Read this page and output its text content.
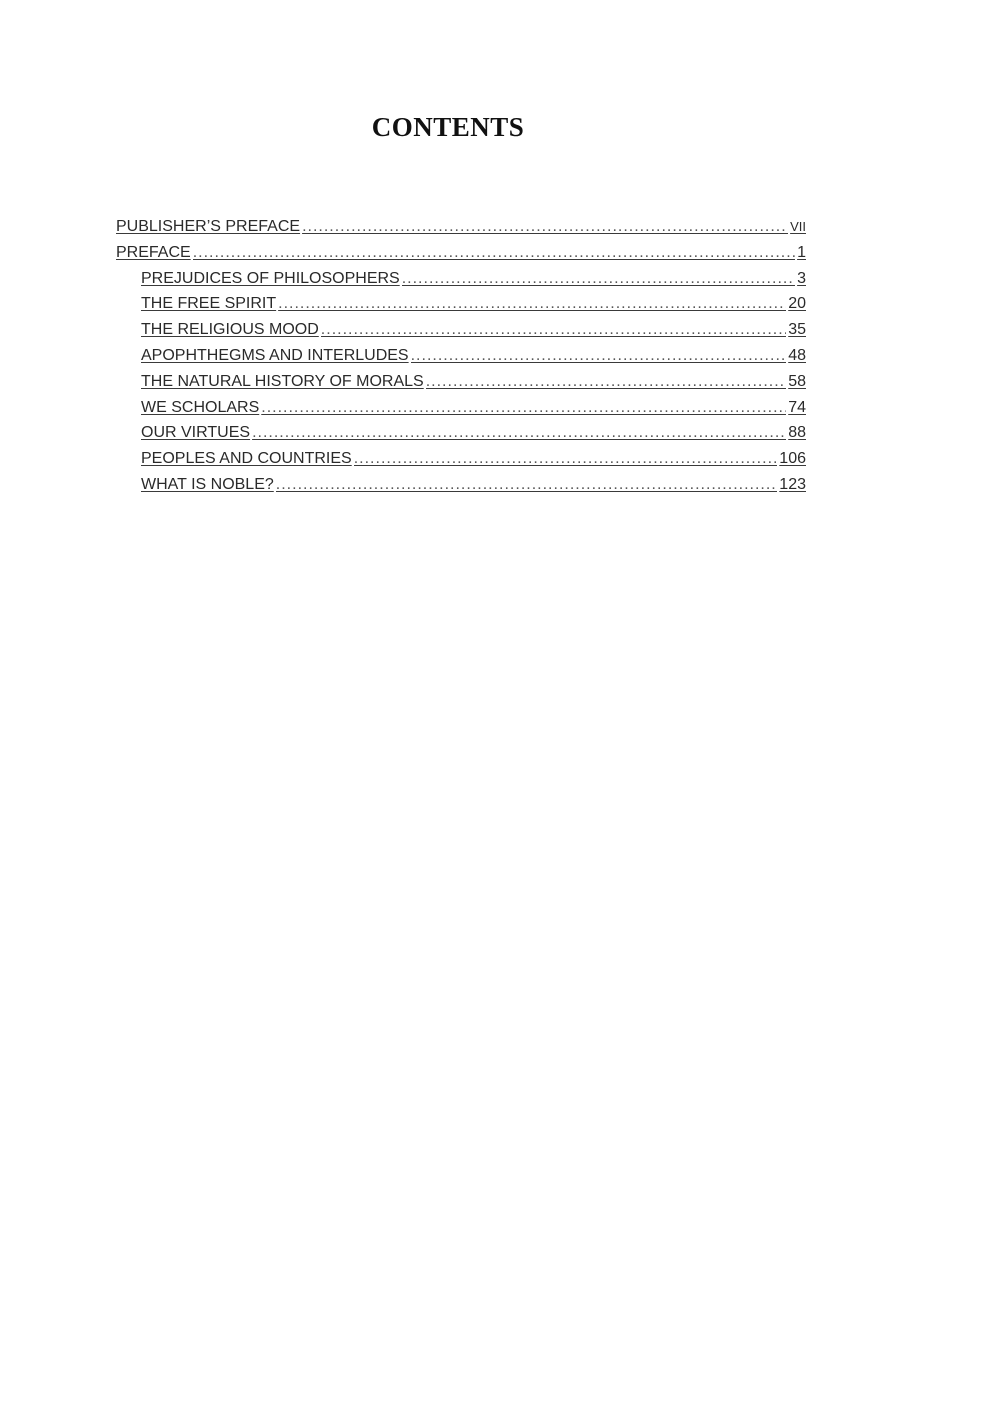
CONTENTS
PUBLISHER’S PREFACE .....	VII
PREFACE .....	1
PREJUDICES OF PHILOSOPHERS .....	3
THE FREE SPIRIT .....	20
THE RELIGIOUS MOOD .....	35
APOPHTHEGMS AND INTERLUDES .....	48
THE NATURAL HISTORY OF MORALS .....	58
WE SCHOLARS .....	74
OUR VIRTUES .....	88
PEOPLES AND COUNTRIES .....	106
WHAT IS NOBLE? .....	123
